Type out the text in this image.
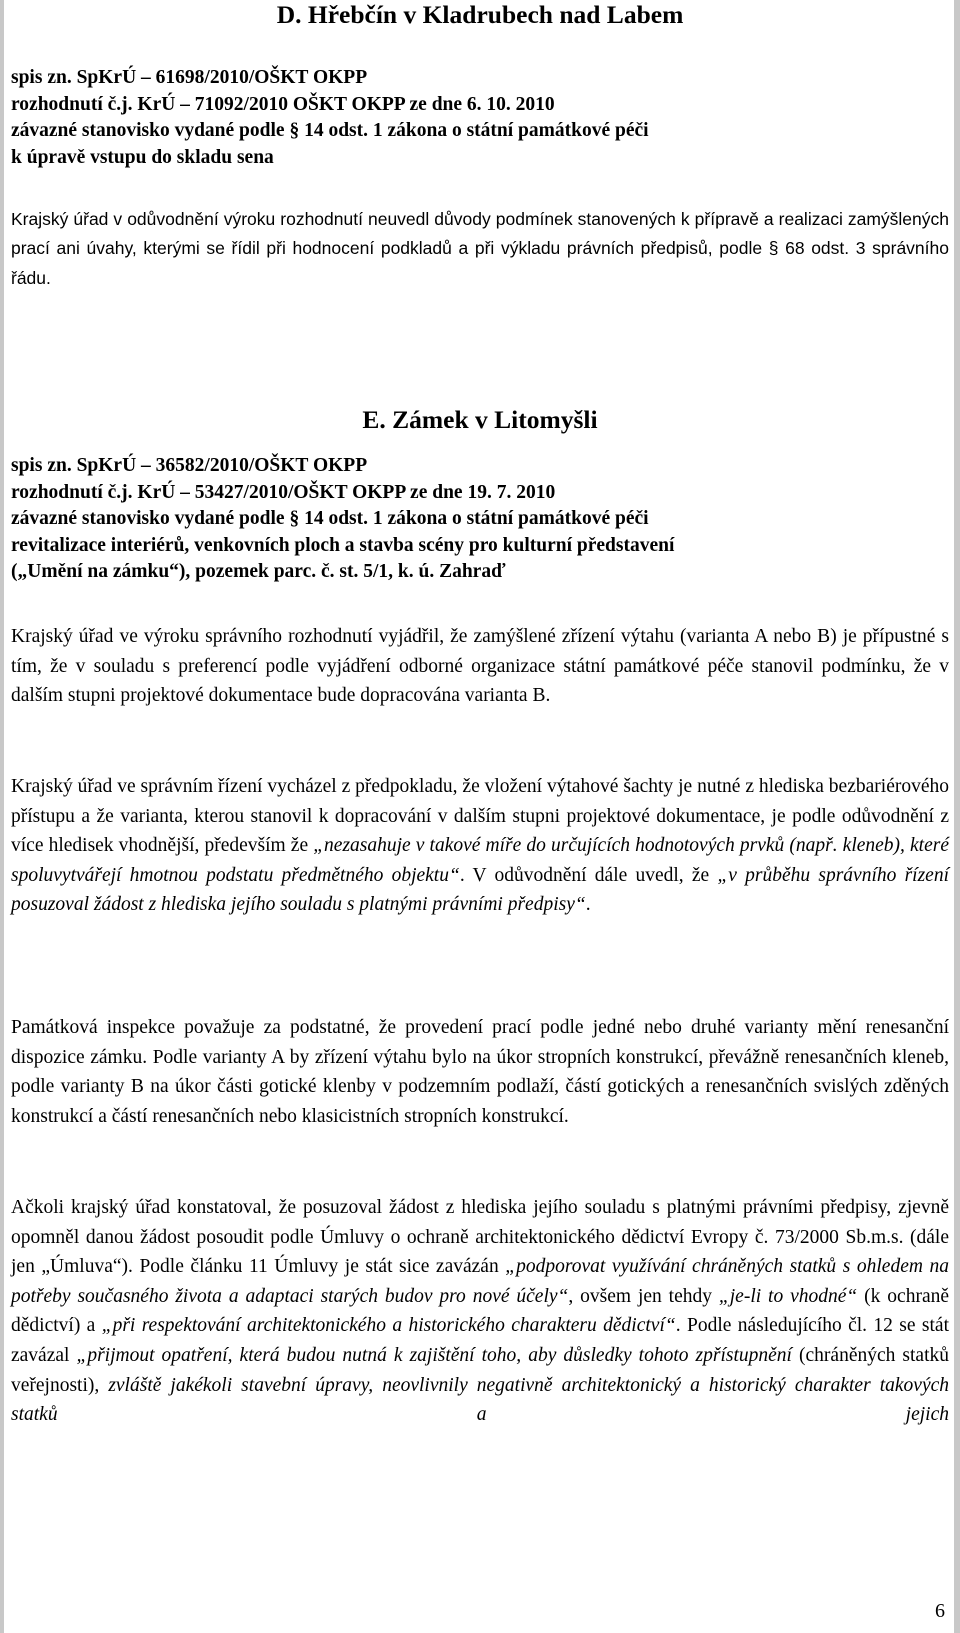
D. Hřebčín v Kladrubech nad Labem
spis zn. SpKrÚ – 61698/2010/OŠKT OKPP
rozhodnutí č.j. KrÚ – 71092/2010 OŠKT OKPP ze dne 6. 10. 2010
závazné stanovisko vydané podle § 14 odst. 1 zákona o státní památkové péči
k úpravě vstupu do skladu sena
Krajský úřad v odůvodnění výroku rozhodnutí neuvedl důvody podmínek stanovených k přípravě a realizaci zamýšlených prací ani úvahy, kterými se řídil při hodnocení podkladů a při výkladu právních předpisů, podle § 68 odst. 3 správního řádu.
E. Zámek v Litomyšli
spis zn. SpKrÚ – 36582/2010/OŠKT OKPP
rozhodnutí č.j. KrÚ – 53427/2010/OŠKT OKPP ze dne 19. 7. 2010
závazné stanovisko vydané podle § 14 odst. 1 zákona o státní památkové péči
revitalizace interiérů, venkovních ploch a stavba scény pro kulturní představení
(„Umění na zámku“), pozemek parc. č. st. 5/1, k. ú. Zahraď
Krajský úřad ve výroku správního rozhodnutí vyjádřil, že zamýšlené zřízení výtahu (varianta A nebo B) je přípustné s tím, že v souladu s preferencí podle vyjádření odborné organizace státní památkové péče stanovil podmínku, že v dalším stupni projektové dokumentace bude dopracována varianta B.
Krajský úřad ve správním řízení vycházel z předpokladu, že vložení výtahové šachty je nutné z hlediska bezbariérového přístupu a že varianta, kterou stanovil k dopracování v dalším stupni projektové dokumentace, je podle odůvodnění z více hledisek vhodnější, především že „nezasahuje v takové míře do určujících hodnotových prvků (např. kleneb), které spoluvytvářejí hmotnou podstatu předmětného objektu“. V odůvodnění dále uvedl, že „v průběhu správního řízení posuzoval žádost z hlediska jejího souladu s platnými právními předpisy“.
Památková inspekce považuje za podstatné, že provedení prací podle jedné nebo druhé varianty mění renesanční dispozice zámku. Podle varianty A by zřízení výtahu bylo na úkor stropních konstrukcí, převážně renesančních kleneb, podle varianty B na úkor části gotické klenby v podzemním podlaží, částí gotických a renesančních svislých zděných konstrukcí a částí renesančních nebo klasicistních stropních konstrukcí.
Ačkoli krajský úřad konstatoval, že posuzoval žádost z hlediska jejího souladu s platnými právními předpisy, zjevně opomněl danou žádost posoudit podle Úmluvy o ochraně architektonického dědictví Evropy č. 73/2000 Sb.m.s. (dále jen „Úmluva“). Podle článku 11 Úmluvy je stát sice zavázán „podporovat využívání chráněných statků s ohledem na potřeby současného života a adaptaci starých budov pro nové účely“, ovšem jen tehdy „je-li to vhodné“ (k ochraně dědictví) a „při respektování architektonického a historického charakteru dědictví“. Podle následujícího čl. 12 se stát zavázal „přijmout opatření, která budou nutná k zajištění toho, aby důsledky tohoto zpřístupnění (chráněných statků veřejnosti), zvláště jakékoli stavební úpravy, neovlivnily negativně architektonický a historický charakter takových statků a jejich
6
